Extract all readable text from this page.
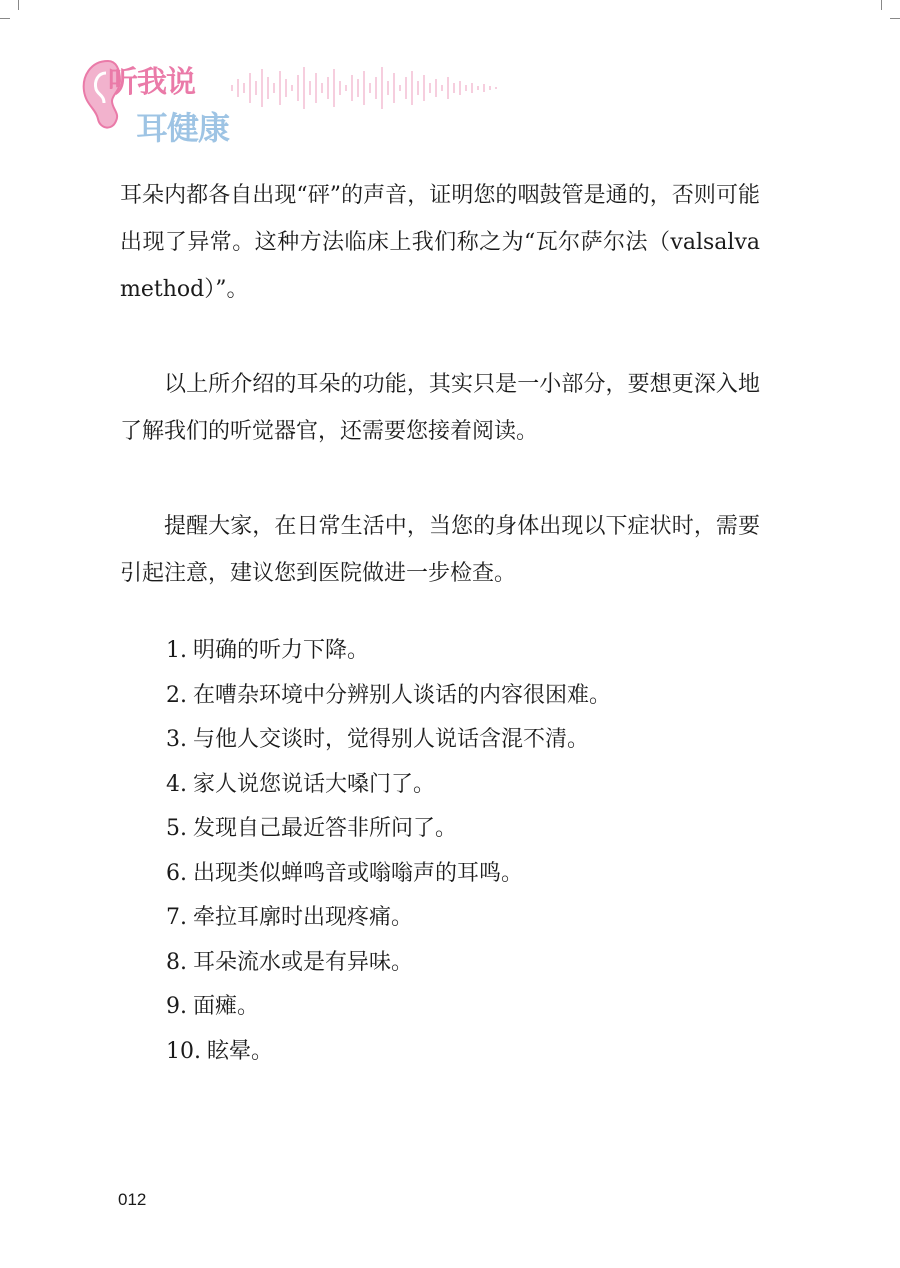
听我说
耳健康

耳朵内都各自出现“砰”的声音，证明您的咽鼓管是通的，否则可能出现了异常。这种方法临床上我们称之为“瓦尔萨尔法（valsalva method）”。

以上所介绍的耳朵的功能，其实只是一小部分，要想更深入地了解我们的听觉器官，还需要您接着阅读。

提醒大家，在日常生活中，当您的身体出现以下症状时，需要引起注意，建议您到医院做进一步检查。

1. 明确的听力下降。
2. 在嘈杂环境中分辨别人谈话的内容很困难。
3. 与他人交谈时，觉得别人说话含混不清。
4. 家人说您说话大嗓门了。
5. 发现自己最近答非所问了。
6. 出现类似蝉鸣音或嗡嗡声的耳鸣。
7. 牵拉耳廓时出现疼痛。
8. 耳朵流水或是有异味。
9. 面瘫。
10. 眩晕。
012
